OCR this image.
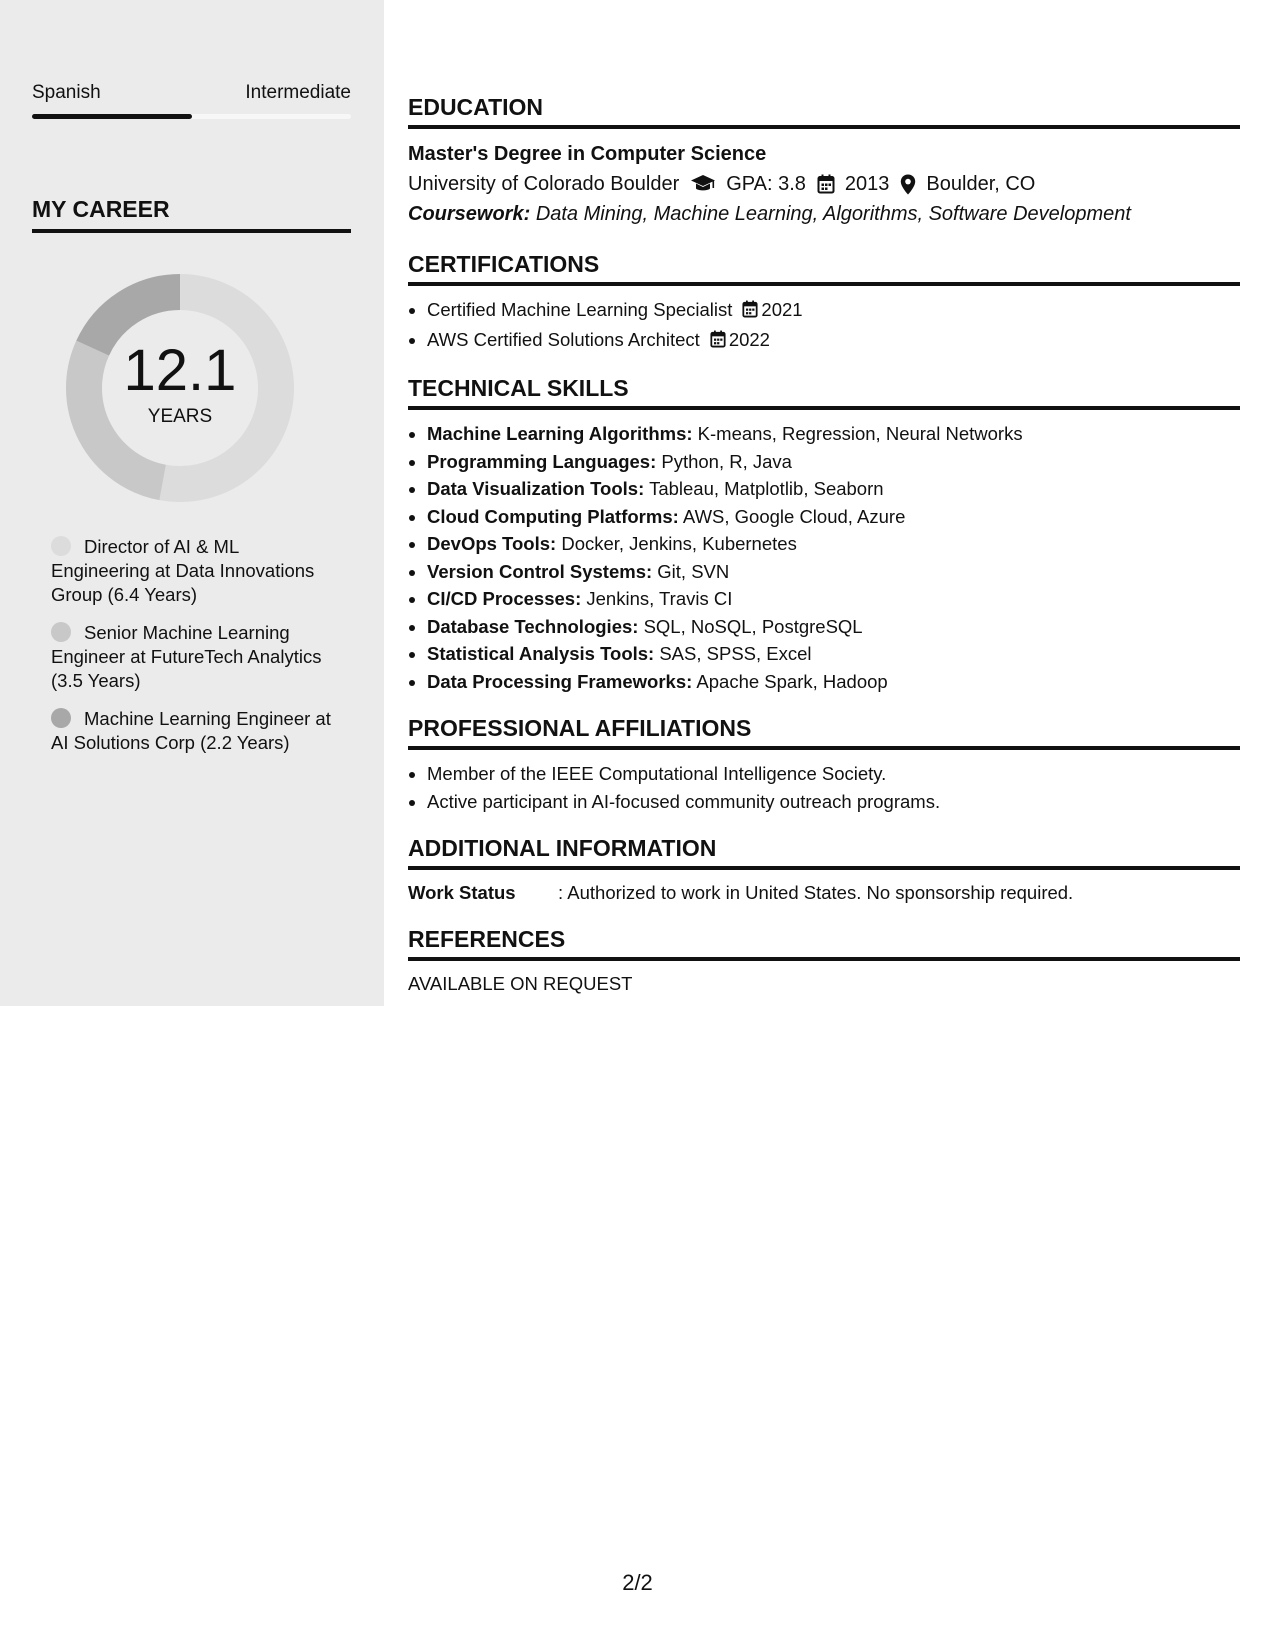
Spanish	Intermediate
MY CAREER
12.1
YEARS
Director of AI & ML Engineering at Data Innovations Group (6.4 Years)
Senior Machine Learning Engineer at FutureTech Analytics (3.5 Years)
Machine Learning Engineer at AI Solutions Corp (2.2 Years)
EDUCATION
Master's Degree in Computer Science
University of Colorado Boulder GPA: 3.8 2013 Boulder, CO
Coursework: Data Mining, Machine Learning, Algorithms, Software Development
CERTIFICATIONS
• Certified Machine Learning Specialist 2021
• AWS Certified Solutions Architect 2022
TECHNICAL SKILLS
• Machine Learning Algorithms: K-means, Regression, Neural Networks
• Programming Languages: Python, R, Java
• Data Visualization Tools: Tableau, Matplotlib, Seaborn
• Cloud Computing Platforms: AWS, Google Cloud, Azure
• DevOps Tools: Docker, Jenkins, Kubernetes
• Version Control Systems: Git, SVN
• CI/CD Processes: Jenkins, Travis CI
• Database Technologies: SQL, NoSQL, PostgreSQL
• Statistical Analysis Tools: SAS, SPSS, Excel
• Data Processing Frameworks: Apache Spark, Hadoop
PROFESSIONAL AFFILIATIONS
• Member of the IEEE Computational Intelligence Society.
• Active participant in AI-focused community outreach programs.
ADDITIONAL INFORMATION
Work Status	: Authorized to work in United States. No sponsorship required.
REFERENCES
AVAILABLE ON REQUEST
2/2
